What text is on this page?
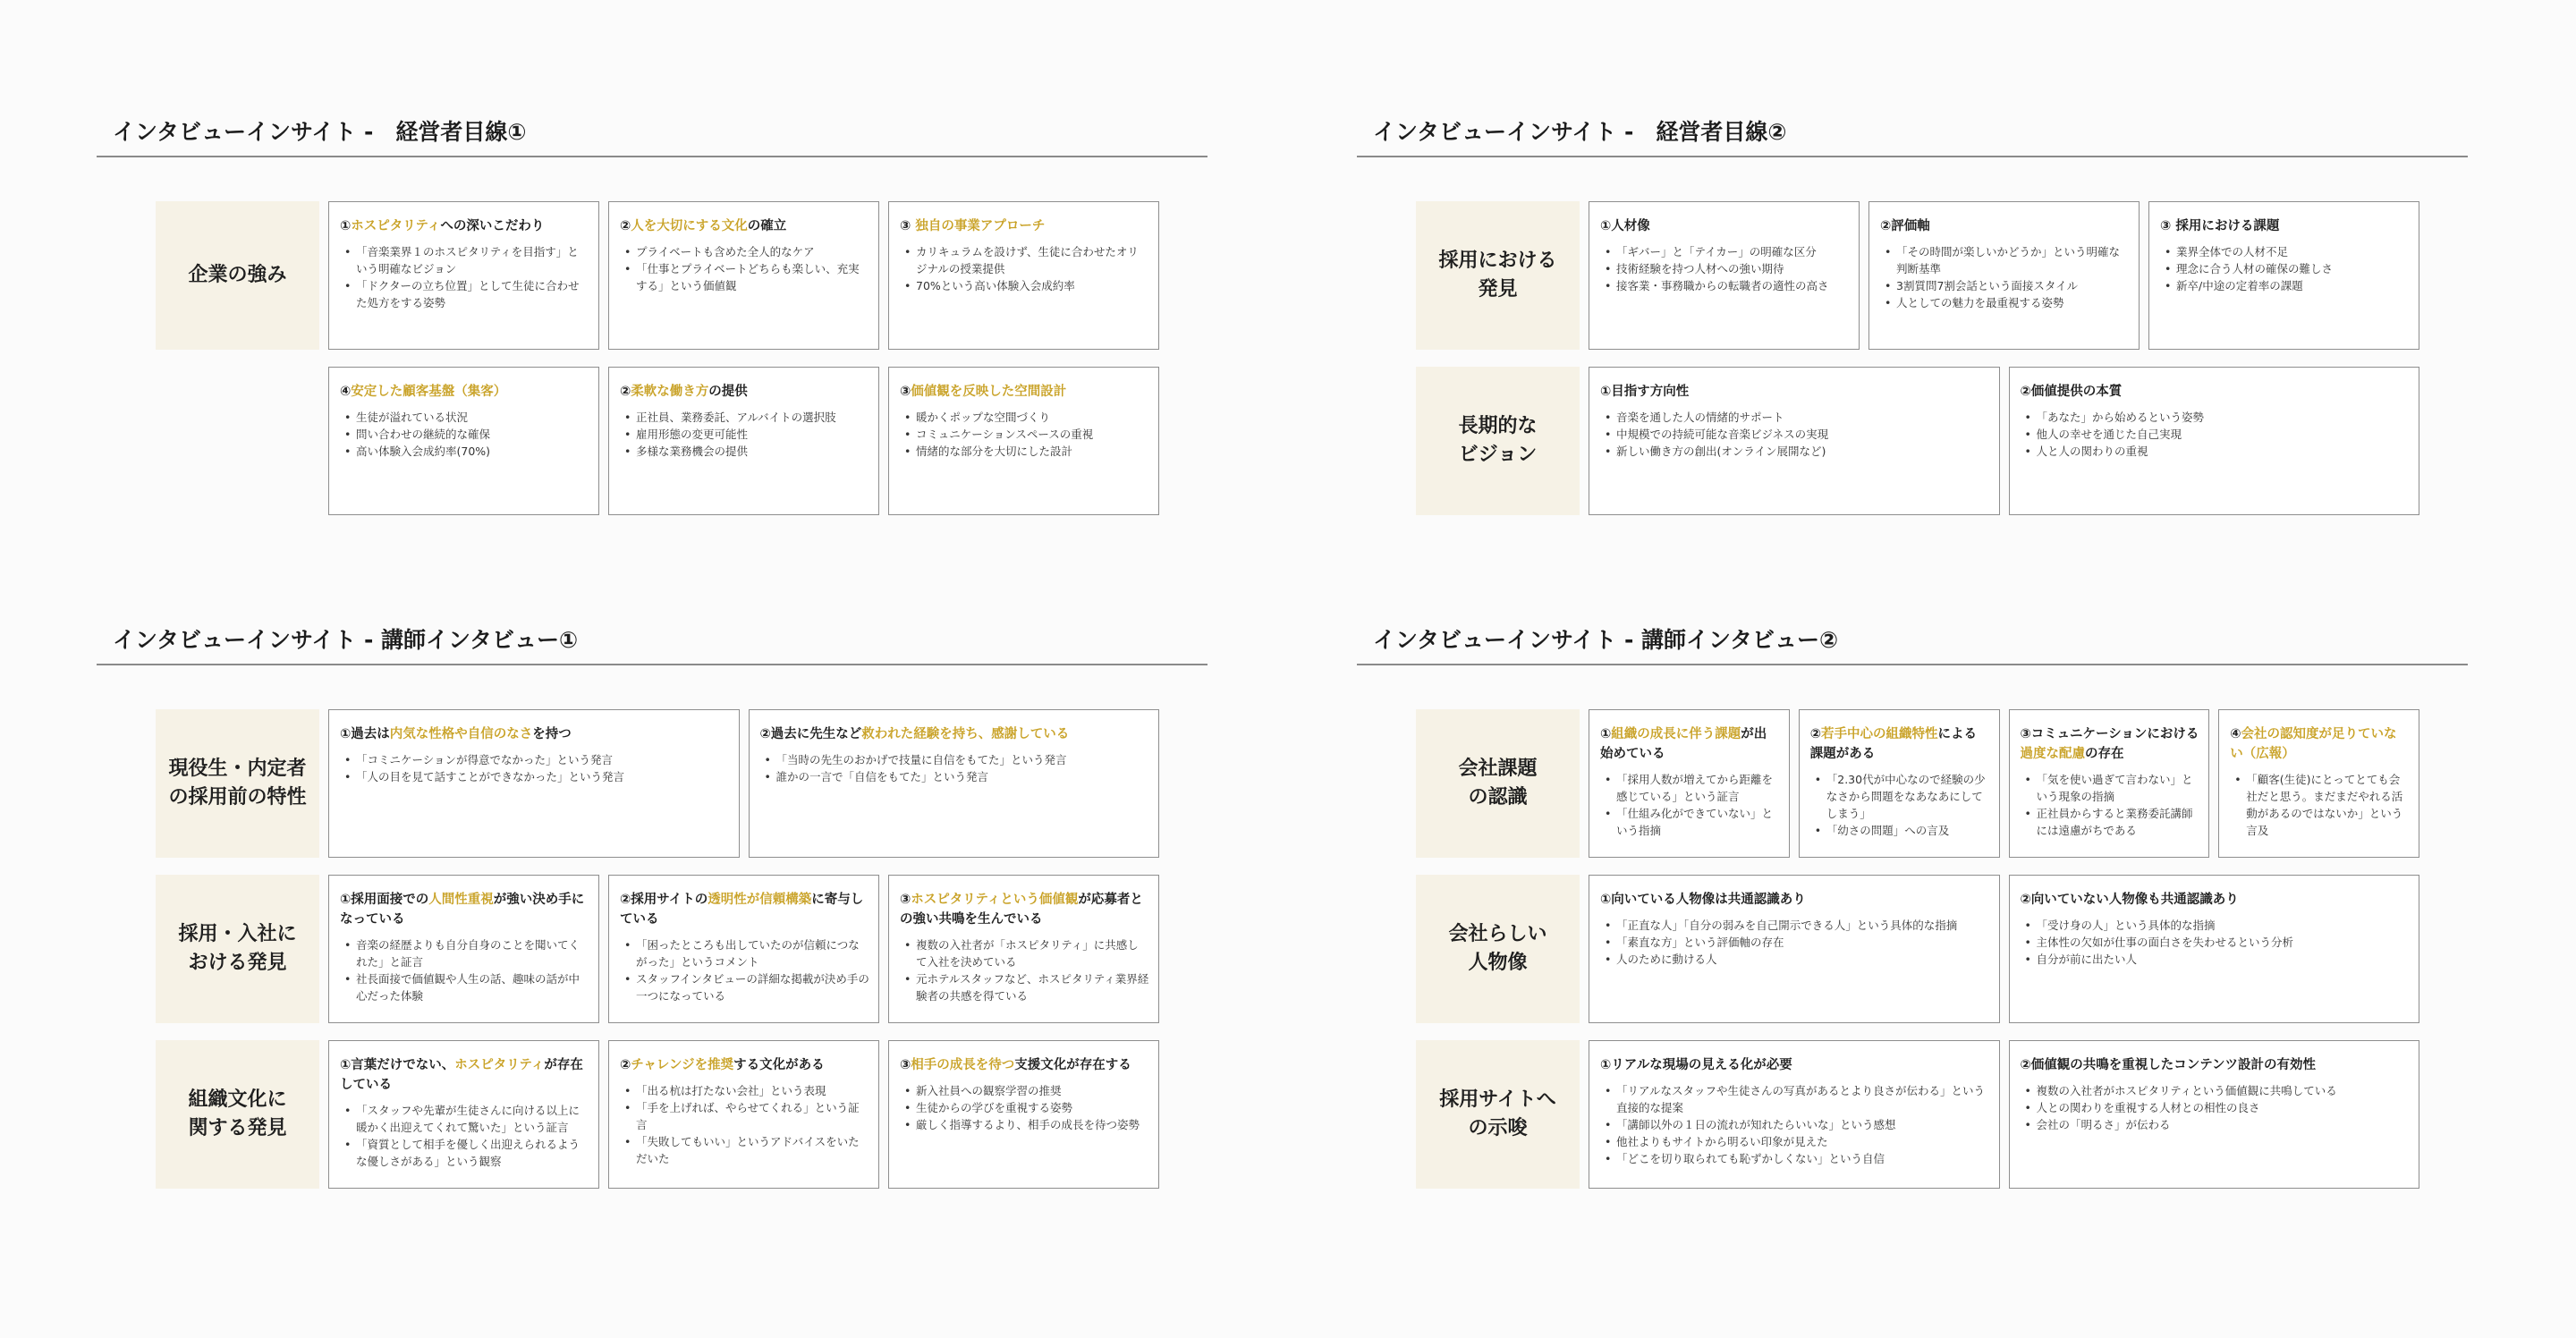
インタビューインサイト -　経営者目線①
企業の強み
①ホスピタリティへの深いこだわり
• 「音楽業界１のホスピタリティを目指す」という明確なビジョン
• 「ドクターの立ち位置」として生徒に合わせた処方をする姿勢
②人を大切にする文化の確立
• プライベートも含めた全人的なケア
• 「仕事とプライベートどちらも楽しい、充実する」という価値観
③ 独自の事業アプローチ
• カリキュラムを設けず、生徒に合わせたオリジナルの授業提供
• 70%という高い体験入会成約率
④安定した顧客基盤（集客）
• 生徒が溢れている状況
• 問い合わせの継続的な確保
• 高い体験入会成約率(70%)
②柔軟な働き方の提供
• 正社員、業務委託、アルバイトの選択肢
• 雇用形態の変更可能性
• 多様な業務機会の提供
③価値観を反映した空間設計
• 暖かくポップな空間づくり
• コミュニケーションスペースの重視
• 情緒的な部分を大切にした設計
インタビューインサイト -　経営者目線②
採用における
発見
①人材像
• 「ギバー」と「テイカー」の明確な区分
• 技術経験を持つ人材への強い期待
• 接客業・事務職からの転職者の適性の高さ
②評価軸
• 「その時間が楽しいかどうか」という明確な判断基準
• 3割質問7割会話という面接スタイル
• 人としての魅力を最重視する姿勢
③ 採用における課題
• 業界全体での人材不足
• 理念に合う人材の確保の難しさ
• 新卒/中途の定着率の課題
長期的な
ビジョン
①目指す方向性
• 音楽を通した人の情緒的サポート
• 中規模での持続可能な音楽ビジネスの実現
• 新しい働き方の創出(オンライン展開など)
②価値提供の本質
• 「あなた」から始めるという姿勢
• 他人の幸せを通じた自己実現
• 人と人の関わりの重視
インタビューインサイト - 講師インタビュー①
現役生・内定者
の採用前の特性
①過去は内気な性格や自信のなさを持つ
• 「コミニケーションが得意でなかった」という発言
• 「人の目を見て話すことができなかった」という発言
②過去に先生など救われた経験を持ち、感謝している
• 「当時の先生のおかげで技量に自信をもてた」という発言
• 誰かの一言で「自信をもてた」という発言
採用・入社に
おける発見
①採用面接での人間性重視が強い決め手になっている
• 音楽の経歴よりも自分自身のことを聞いてくれた」と証言
• 社長面接で価値観や人生の話、趣味の話が中心だった体験
②採用サイトの透明性が信頼構築に寄与している
• 「困ったところも出していたのが信頼につながった」というコメント
• スタッフインタビューの詳細な掲載が決め手の一つになっている
③ホスピタリティという価値観が応募者との強い共鳴を生んでいる
• 複数の入社者が「ホスピタリティ」に共感して入社を決めている
• 元ホテルスタッフなど、ホスピタリティ業界経験者の共感を得ている
組織文化に
関する発見
①言葉だけでない、ホスピタリティが存在している
• 「スタッフや先輩が生徒さんに向ける以上に暖かく出迎えてくれて驚いた」という証言
• 「資質として相手を優しく出迎えられるような優しさがある」という観察
②チャレンジを推奨する文化がある
• 「出る杭は打たない会社」という表現
• 「手を上げれば、やらせてくれる」という証言
• 「失敗してもいい」というアドバイスをいただいた
③相手の成長を待つ支援文化が存在する
• 新入社員への観察学習の推奨
• 生徒からの学びを重視する姿勢
• 厳しく指導するより、相手の成長を待つ姿勢
インタビューインサイト - 講師インタビュー②
会社課題
の認識
①組織の成長に伴う課題が出始めている
• 「採用人数が増えてから距離を感じている」という証言
• 「仕組み化ができていない」という指摘
②若手中心の組織特性による課題がある
• 「2.30代が中心なので経験の少なさから問題をなあなあにしてしまう」
• 「幼さの問題」への言及
③コミュニケーションにおける過度な配慮の存在
• 「気を使い過ぎて言わない」という現象の指摘
• 正社員からすると業務委託講師には遠慮がちである
④会社の認知度が足りていない（広報）
• 「顧客(生徒)にとってとても会社だと思う。まだまだやれる活動があるのではないか」という言及
会社らしい
人物像
①向いている人物像は共通認識あり
• 「正直な人」「自分の弱みを自己開示できる人」という具体的な指摘
• 「素直な方」という評価軸の存在
• 人のために動ける人
②向いていない人物像も共通認識あり
• 「受け身の人」という具体的な指摘
• 主体性の欠如が仕事の面白さを失わせるという分析
• 自分が前に出たい人
採用サイトへ
の示唆
①リアルな現場の見える化が必要
• 「リアルなスタッフや生徒さんの写真があるとより良さが伝わる」という直接的な提案
• 「講師以外の１日の流れが知れたらいいな」という感想
• 他社よりもサイトから明るい印象が見えた
• 「どこを切り取られても恥ずかしくない」という自信
②価値観の共鳴を重視したコンテンツ設計の有効性
• 複数の入社者がホスピタリティという価値観に共鳴している
• 人との関わりを重視する人材との相性の良さ
• 会社の「明るさ」が伝わる
